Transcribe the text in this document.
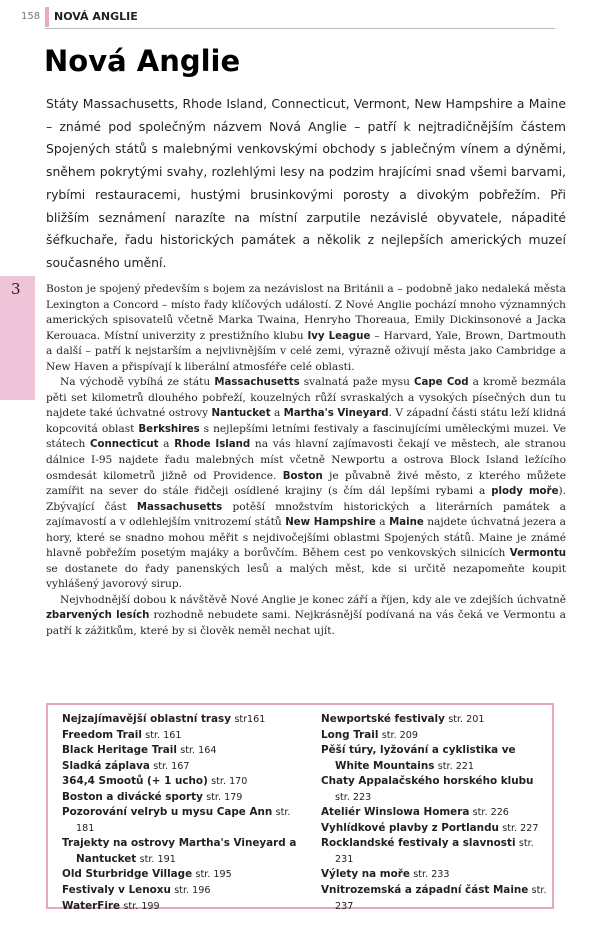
158 NOVÁ ANGLIE
Nová Anglie

Státy Massachusetts, Rhode Island, Connecticut, Vermont, New Hampshire a Maine – známé pod společným názvem Nová Anglie – patří k nejtradičnějším částem Spojených států s malebnými venkovskými obchody s jablečným vínem a dýněmi, sněhem pokrytými svahy, rozlehlými lesy na podzim hrajícími snad všemi barvami, rybími restauracemi, hustými brusinkovými porosty a divokým pobřežím. Při bližším seznámení narazíte na místní zarputile nezávislé obyvatele, nápadité šéfkuchaře, řadu historických památek a několik z nejlepších amerických muzeí současného umění.

3 Boston je spojený především s bojem za nezávislost na Británii a – podobně jako nedaleká města Lexington a Concord – místo řady klíčových událostí. Z Nové Anglie pochází mnoho významných amerických spisovatelů včetně Marka Twaina, Henryho Thoreaua, Emily Dickinsonové a Jacka Kerouaca. Místní univerzity z prestižního klubu Ivy League – Harvard, Yale, Brown, Dartmouth a další – patří k nejstarším a nejvlivnějším v celé zemi, výrazně oživují města jako Cambridge a New Haven a přispívají k liberální atmosféře celé oblasti.

Na východě vybíhá ze státu Massachusetts svalnatá paže mysu Cape Cod a kromě bezmála pěti set kilometrů dlouhého pobřeží, kouzelných růží svraskalých a vysokých písečných dun tu najdete také úchvatné ostrovy Nantucket a Martha's Vineyard. V západní části státu leží klidná kopcovitá oblast Berkshires s nejlepšími letními festivaly a fascinujícími uměleckými muzei. Ve státech Connecticut a Rhode Island na vás hlavní zajímavosti čekají ve městech, ale stranou dálnice I-95 najdete řadu malebných míst včetně Newportu a ostrova Block Island ležícího osmdesát kilometrů jižně od Providence. Boston je půvabně živé město, z kterého můžete zamířit na sever do stále řidčeji osídlené krajiny (s čím dál lepšími rybami a plody moře). Zbývající část Massachusetts potěší množstvím historických a literárních památek a zajímavostí a v odlehlejším vnitrozemí států New Hampshire a Maine najdete úchvatná jezera a hory, které se snadno mohou měřit s nejdivočejšími oblastmi Spojených států. Maine je známé hlavně pobřežím posetým majáky a borůvčím. Během cest po venkovských silnicích Vermontu se dostanete do řady panenských lesů a malých měst, kde si určitě nezapomeňte koupit vyhlášený javorový sirup.

Nejvhodnější dobou k návštěvě Nové Anglie je konec září a říjen, kdy ale ve zdejších úchvatně zbarvených lesích rozhodně nebudete sami. Nejkrásnější podívaná na vás čeká ve Vermontu a patří k zážitkům, které by si člověk neměl nechat ujít.

Nejzajímavější oblastní trasy str161
Freedom Trail str. 161
Black Heritage Trail str. 164
Sladká záplava str. 167
364,4 Smootů (+ 1 ucho) str. 170
Boston a divácké sporty str. 179
Pozorování velryb u mysu Cape Ann str. 181
Trajekty na ostrovy Martha's Vineyard a Nantucket str. 191
Old Sturbridge Village str. 195
Festivaly v Lenoxu str. 196
WaterFire str. 199
Newportské festivaly str. 201
Long Trail str. 209
Pěší túry, lyžování a cyklistika ve White Mountains str. 221
Chaty Appalačského horského klubu str. 223
Ateliér Winslowa Homera str. 226
Vyhlídkové plavby z Portlandu str. 227
Rocklandské festivaly a slavnosti str. 231
Výlety na moře str. 233
Vnitrozemská a západní část Maine str. 237
